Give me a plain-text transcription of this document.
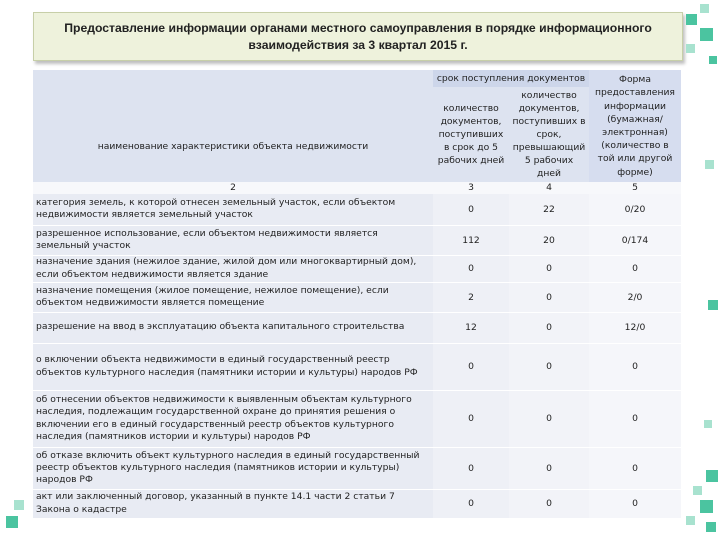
Предоставление информации органами местного самоуправления в порядке информационного взаимодействия за 3 квартал 2015 г.
наименование характеристики объекта недвижимости	срок поступления документов		Форма предоставления информации (бумажная/ электронная) (количество в той или другой форме)
	количество документов, поступивших в срок до 5 рабочих дней	количество документов, поступивших в срок, превышающий 5 рабочих дней	
2	3	4	5
категория земель, к которой отнесен земельный участок, если объектом недвижимости является земельный участок	0	22	0/20
разрешенное использование, если объектом недвижимости является земельный участок	112	20	0/174
назначение здания (нежилое здание, жилой дом или многоквартирный дом), если объектом недвижимости является здание	0	0	0
назначение помещения (жилое помещение, нежилое помещение), если объектом недвижимости является помещение	2	0	2/0
разрешение на ввод в эксплуатацию объекта капитального строительства	12	0	12/0
о включении объекта недвижимости в единый государственный реестр объектов культурного наследия (памятники истории и культуры) народов РФ	0	0	0
об отнесении объектов недвижимости к выявленным объектам культурного наследия, подлежащим государственной охране до принятия решения о включении его в единый государственный реестр объектов культурного наследия (памятников истории и культуры) народов РФ	0	0	0
об отказе включить объект культурного наследия в единый государственный реестр объектов культурного наследия (памятников истории и культуры) народов РФ	0	0	0
акт или заключенный договор, указанный в пункте 14.1 части 2 статьи 7 Закона о кадастре	0	0	0
